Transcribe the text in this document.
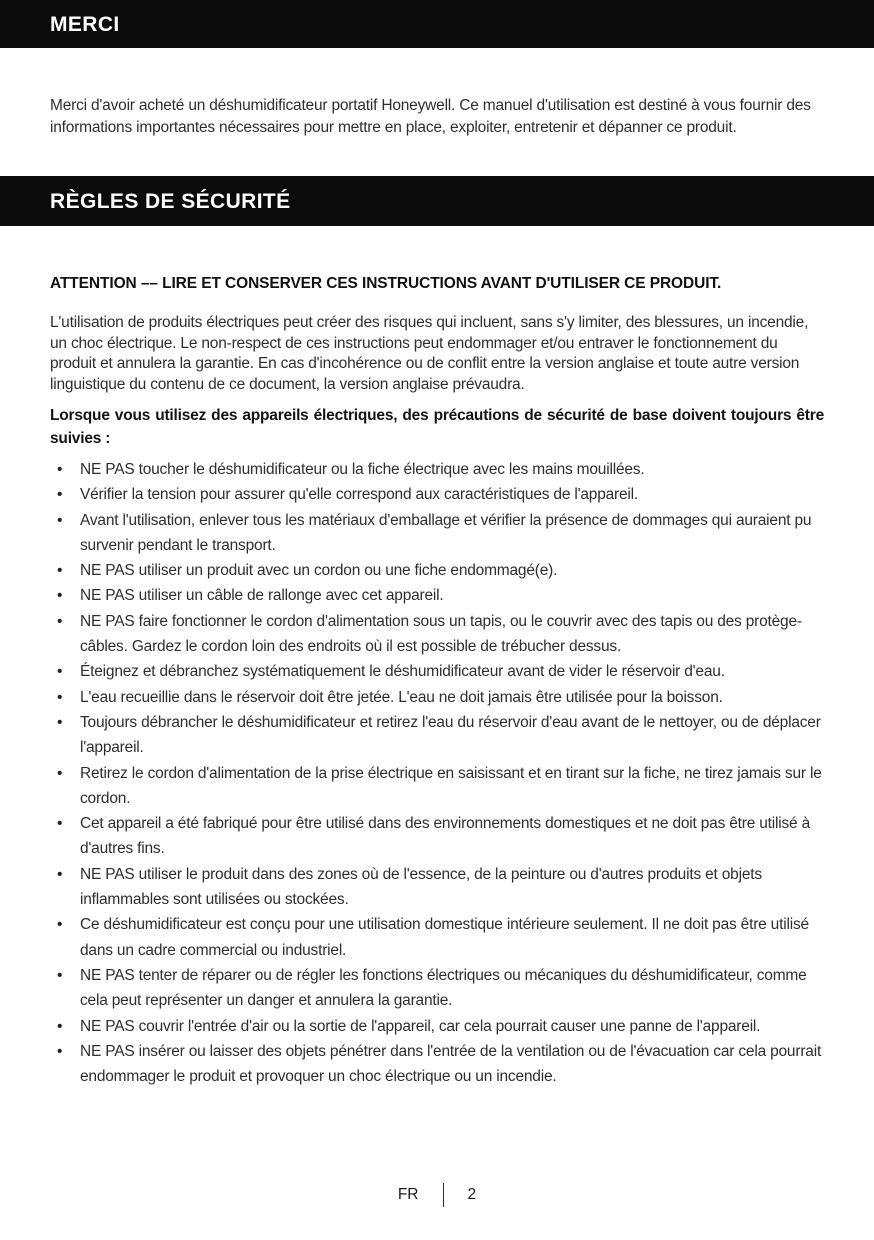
MERCI

Merci d'avoir acheté un déshumidificateur portatif Honeywell. Ce manuel d'utilisation est destiné à vous fournir des informations importantes nécessaires pour mettre en place, exploiter, entretenir et dépanner ce produit.

RÈGLES DE SÉCURITÉ

ATTENTION –– LIRE ET CONSERVER CES INSTRUCTIONS AVANT D'UTILISER CE PRODUIT.

L'utilisation de produits électriques peut créer des risques qui incluent, sans s'y limiter, des blessures, un incendie, un choc électrique. Le non-respect de ces instructions peut endommager et/ou entraver le fonctionnement du produit et annulera la garantie. En cas d'incohérence ou de conflit entre la version anglaise et toute autre version linguistique du contenu de ce document, la version anglaise prévaudra.

Lorsque vous utilisez des appareils électriques, des précautions de sécurité de base doivent toujours être suivies :

•	NE PAS toucher le déshumidificateur ou la fiche électrique avec les mains mouillées.
•	Vérifier la tension pour assurer qu'elle correspond aux caractéristiques de l'appareil.
•	Avant l'utilisation, enlever tous les matériaux d'emballage et vérifier la présence de dommages qui auraient pu survenir pendant le transport.
•	NE PAS utiliser un produit avec un cordon ou une fiche endommagé(e).
•	NE PAS utiliser un câble de rallonge avec cet appareil.
•	NE PAS faire fonctionner le cordon d'alimentation sous un tapis, ou le couvrir avec des tapis ou des protège-câbles. Gardez le cordon loin des endroits où il est possible de trébucher dessus.
•	Éteignez et débranchez systématiquement le déshumidificateur avant de vider le réservoir d'eau.
•	L'eau recueillie dans le réservoir doit être jetée. L'eau ne doit jamais être utilisée pour la boisson.
•	Toujours débrancher le déshumidificateur et retirez l'eau du réservoir d'eau avant de le nettoyer, ou de déplacer l'appareil.
•	Retirez le cordon d'alimentation de la prise électrique en saisissant et en tirant sur la fiche, ne tirez jamais sur le cordon.
•	Cet appareil a été fabriqué pour être utilisé dans des environnements domestiques et ne doit pas être utilisé à d'autres fins.
•	NE PAS utiliser le produit dans des zones où de l'essence, de la peinture ou d'autres produits et objets inflammables sont utilisées ou stockées.
•	Ce déshumidificateur est conçu pour une utilisation domestique intérieure seulement. Il ne doit pas être utilisé dans un cadre commercial ou industriel.
•	NE PAS tenter de réparer ou de régler les fonctions électriques ou mécaniques du déshumidificateur, comme cela peut représenter un danger et annulera la garantie.
•	NE PAS couvrir l'entrée d'air ou la sortie de l'appareil, car cela pourrait causer une panne de l'appareil.
•	NE PAS insérer ou laisser des objets pénétrer dans l'entrée de la ventilation ou de l'évacuation car cela pourrait endommager le produit et provoquer un choc électrique ou un incendie.
FR	2
